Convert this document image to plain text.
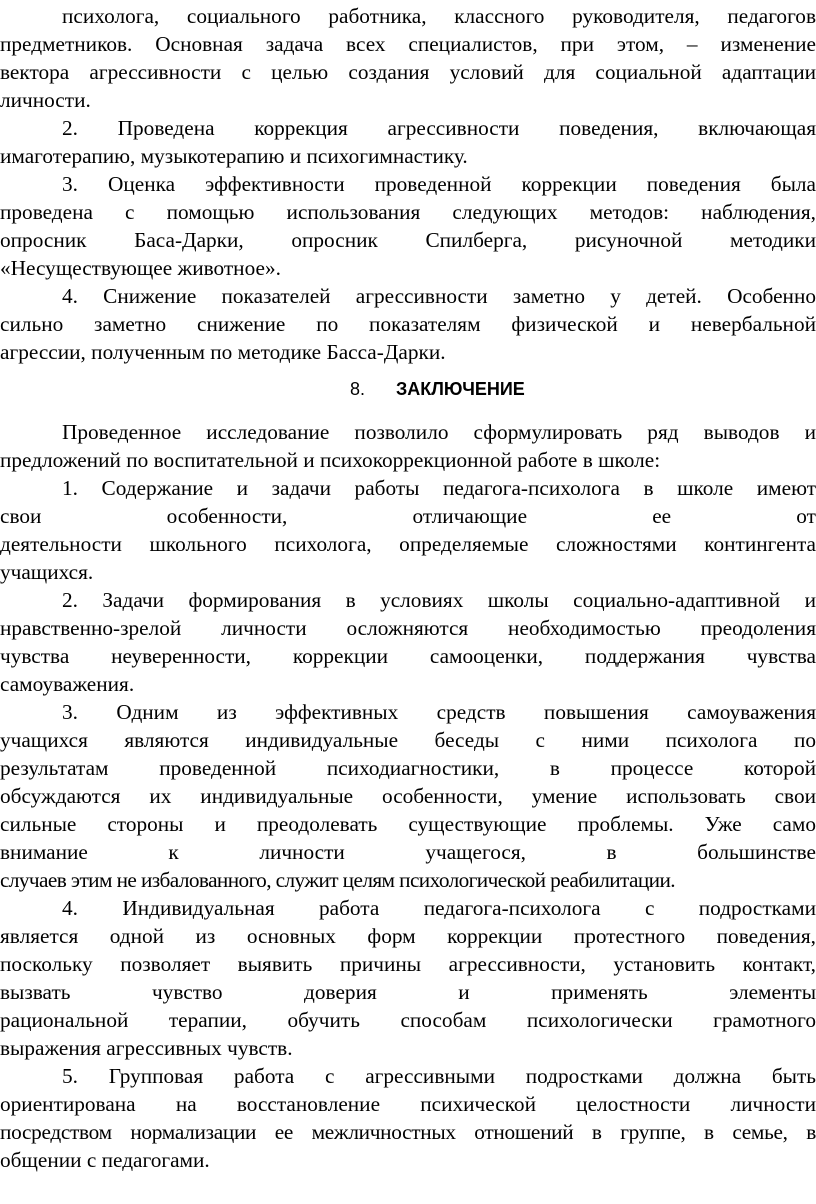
психолога, социального работника, классного руководителя, педагогов
предметников. Основная задача всех специалистов, при этом, – изменение
вектора агрессивности с целью создания условий для социальной адаптации
личности.
2. Проведена коррекция агрессивности поведения, включающая
имаготерапию, музыкотерапию и психогимнастику.
3. Оценка эффективности проведенной коррекции поведения была
проведена с помощью использования следующих методов: наблюдения,
опросник Баса-Дарки, опросник Спилберга, рисуночной методики
«Несуществующее животное».
4. Снижение показателей агрессивности заметно у детей. Особенно
сильно заметно снижение по показателям физической и невербальной
агрессии, полученным по методике Басса-Дарки.
8. ЗАКЛЮЧЕНИЕ
Проведенное исследование позволило сформулировать ряд выводов и
предложений по воспитательной и психокоррекционной работе в школе:
1. Содержание и задачи работы педагога-психолога в школе имеют
свои особенности, отличающие ее от
деятельности школьного психолога, определяемые сложностями контингента
учащихся.
2. Задачи формирования в условиях школы социально-адаптивной и
нравственно-зрелой личности осложняются необходимостью преодоления
чувства неуверенности, коррекции самооценки, поддержания чувства
самоуважения.
3. Одним из эффективных средств повышения самоуважения
учащихся являются индивидуальные беседы с ними психолога по
результатам проведенной психодиагностики, в процессе которой
обсуждаются их индивидуальные особенности, умение использовать свои
сильные стороны и преодолевать существующие проблемы. Уже само
внимание к личности учащегося, в большинстве
случаев этим не избалованного, служит целям психологической реабилитации.
4. Индивидуальная работа педагога-психолога с подростками
является одной из основных форм коррекции протестного поведения,
поскольку позволяет выявить причины агрессивности, установить контакт,
вызвать чувство доверия и применять элементы
рациональной терапии, обучить способам психологически грамотного
выражения агрессивных чувств.
5. Групповая работа с агрессивными подростками должна быть
ориентирована на восстановление психической целостности личности
посредством нормализации ее межличностных отношений в группе, в семье, в
общении с педагогами.
